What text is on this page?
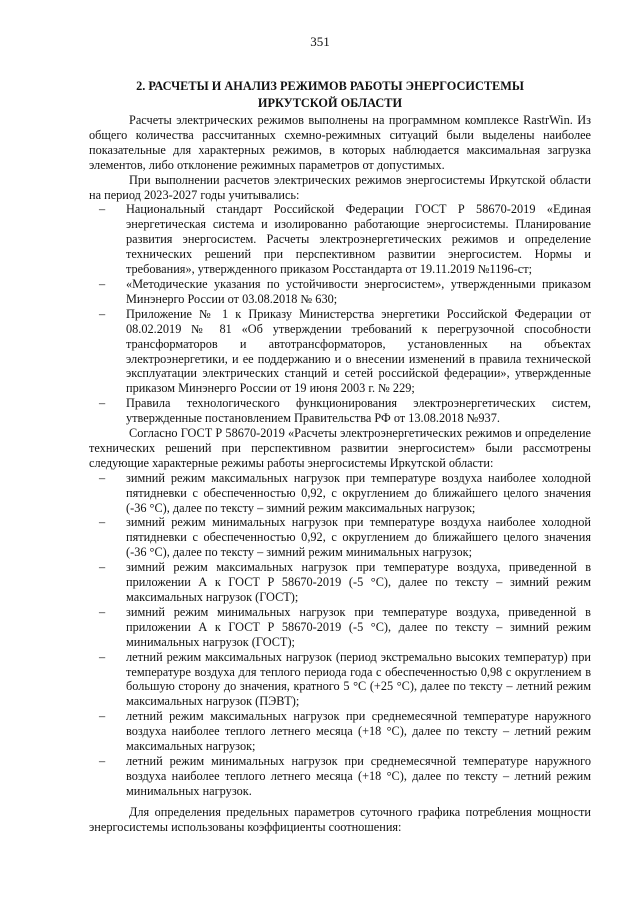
351
2. РАСЧЕТЫ И АНАЛИЗ РЕЖИМОВ РАБОТЫ ЭНЕРГОСИСТЕМЫ
ИРКУТСКОЙ ОБЛАСТИ

Расчеты электрических режимов выполнены на программном комплексе RastrWin. Из общего количества рассчитанных схемно-режимных ситуаций были выделены наиболее показательные для характерных режимов, в которых наблюдается максимальная загрузка элементов, либо отклонение режимных параметров от допустимых.

При выполнении расчетов электрических режимов энергосистемы Иркутской области на период 2023-2027 годы учитывались:

– Национальный стандарт Российской Федерации ГОСТ Р 58670-2019 «Единая энергетическая система и изолированно работающие энергосистемы. Планирование развития энергосистем. Расчеты электроэнергетических режимов и определение технических решений при перспективном развитии энергосистем. Нормы и требования», утвержденного приказом Росстандарта от 19.11.2019 №1196-ст;
– «Методические указания по устойчивости энергосистем», утвержденными приказом Минэнерго России от 03.08.2018 № 630;
– Приложение № 1 к Приказу Министерства энергетики Российской Федерации от 08.02.2019 № 81 «Об утверждении требований к перегрузочной способности трансформаторов и автотрансформаторов, установленных на объектах электроэнергетики, и ее поддержанию и о внесении изменений в правила технической эксплуатации электрических станций и сетей российской федерации», утвержденные приказом Минэнерго России от 19 июня 2003 г. № 229;
– Правила технологического функционирования электроэнергетических систем, утвержденные постановлением Правительства РФ от 13.08.2018 №937.

Согласно ГОСТ Р 58670-2019 «Расчеты электроэнергетических режимов и определение технических решений при перспективном развитии энергосистем» были рассмотрены следующие характерные режимы работы энергосистемы Иркутской области:

– зимний режим максимальных нагрузок при температуре воздуха наиболее холодной пятидневки с обеспеченностью 0,92, с округлением до ближайшего целого значения (-36 °С), далее по тексту – зимний режим максимальных нагрузок;
– зимний режим минимальных нагрузок при температуре воздуха наиболее холодной пятидневки с обеспеченностью 0,92, с округлением до ближайшего целого значения (-36 °С), далее по тексту – зимний режим минимальных нагрузок;
– зимний режим максимальных нагрузок при температуре воздуха, приведенной в приложении А к ГОСТ Р 58670-2019 (-5 °С), далее по тексту – зимний режим максимальных нагрузок (ГОСТ);
– зимний режим минимальных нагрузок при температуре воздуха, приведенной в приложении А к ГОСТ Р 58670-2019 (-5 °С), далее по тексту – зимний режим минимальных нагрузок (ГОСТ);
– летний режим максимальных нагрузок (период экстремально высоких температур) при температуре воздуха для теплого периода года с обеспеченностью 0,98 с округлением в большую сторону до значения, кратного 5 °С (+25 °С), далее по тексту – летний режим максимальных нагрузок (ПЭВТ);
– летний режим максимальных нагрузок при среднемесячной температуре наружного воздуха наиболее теплого летнего месяца (+18 °С), далее по тексту – летний режим максимальных нагрузок;
– летний режим минимальных нагрузок при среднемесячной температуре наружного воздуха наиболее теплого летнего месяца (+18 °С), далее по тексту – летний режим минимальных нагрузок.

Для определения предельных параметров суточного графика потребления мощности энергосистемы использованы коэффициенты соотношения:
